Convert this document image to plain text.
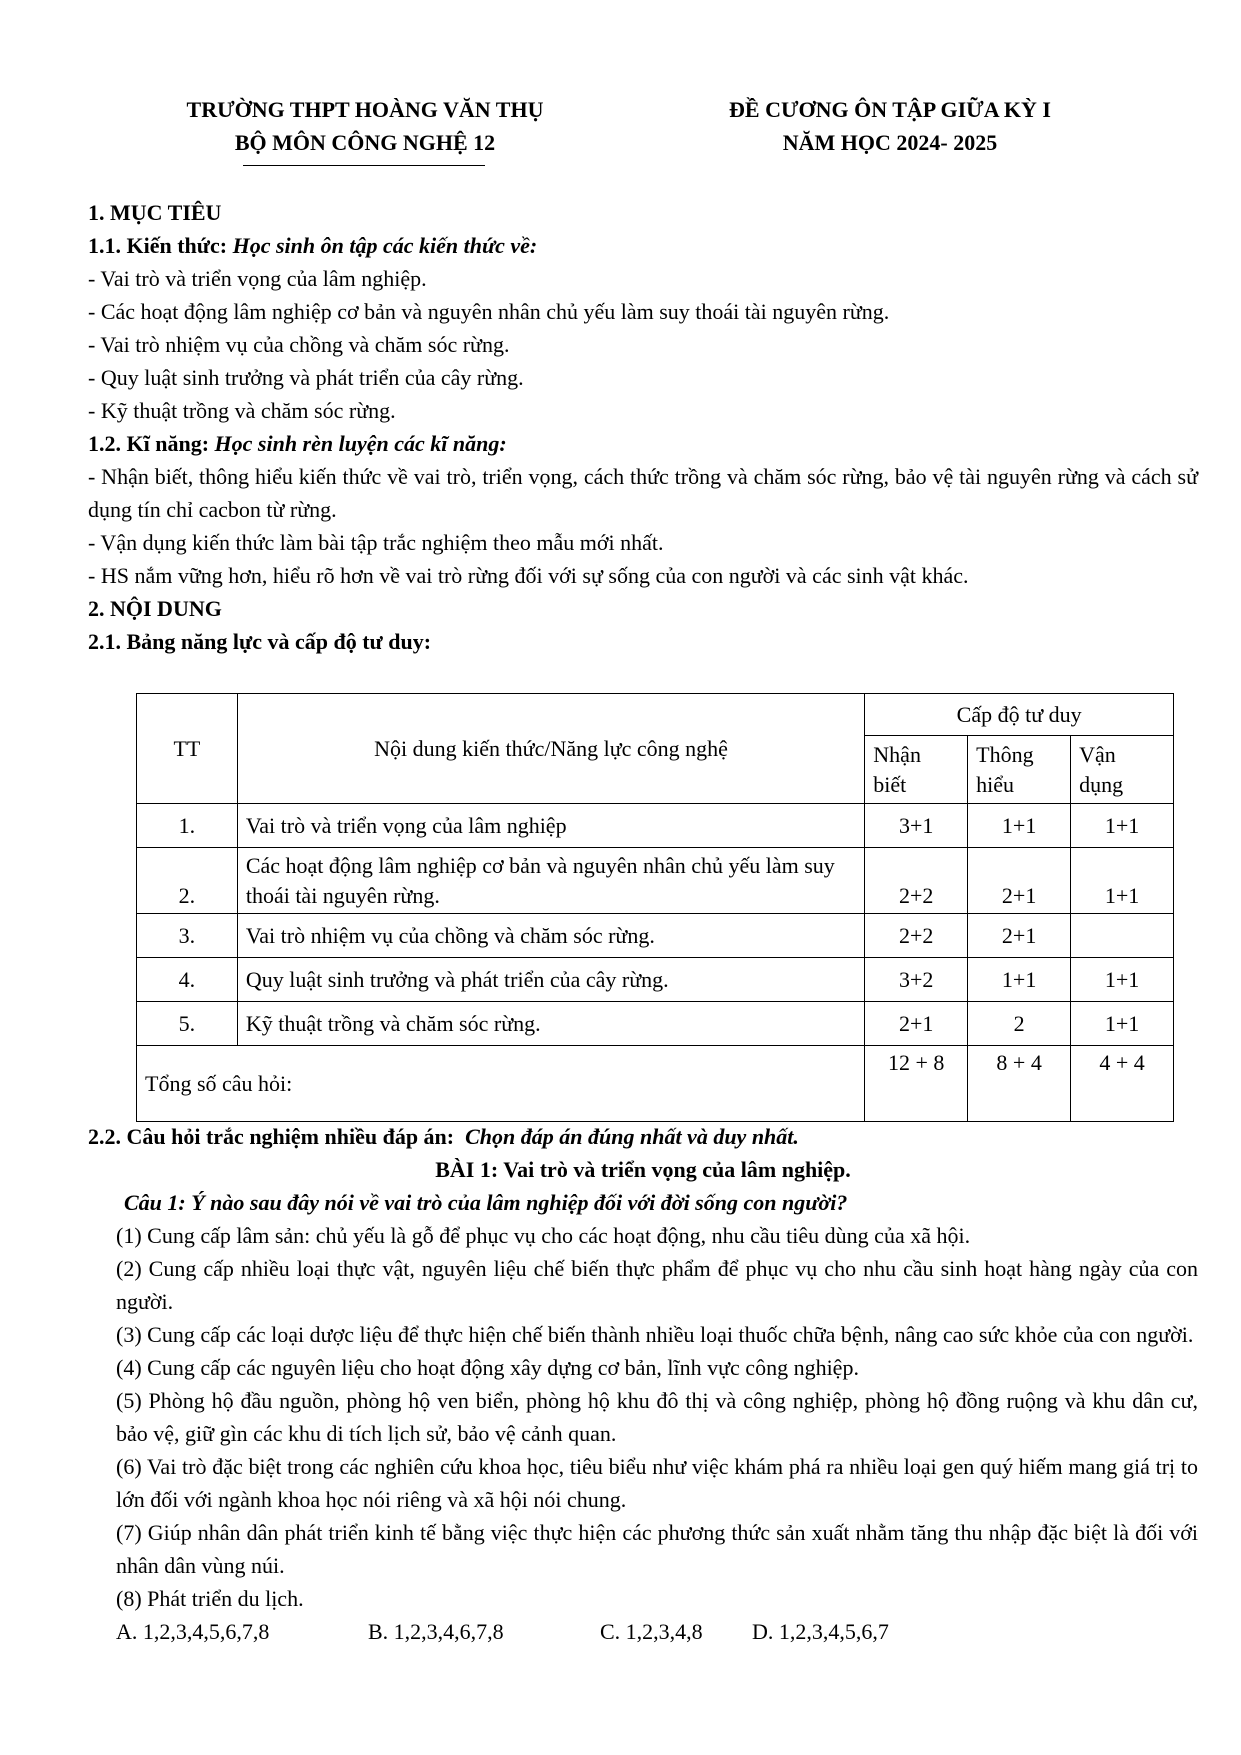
TRƯỜNG THPT HOÀNG VĂN THỤ
BỘ MÔN CÔNG NGHỆ 12
ĐỀ CƯƠNG ÔN TẬP GIỮA KỲ I
NĂM HỌC 2024- 2025

1. MỤC TIÊU

1.1. Kiến thức: Học sinh ôn tập các kiến thức về:

- Vai trò và triển vọng của lâm nghiệp.

- Các hoạt động lâm nghiệp cơ bản và nguyên nhân chủ yếu làm suy thoái tài nguyên rừng.

- Vai trò nhiệm vụ của chồng và chăm sóc rừng.

- Quy luật sinh trưởng và phát triển của cây rừng.

- Kỹ thuật trồng và chăm sóc rừng.

1.2. Kĩ năng: Học sinh rèn luyện các kĩ năng:

- Nhận biết, thông hiểu kiến thức về vai trò, triển vọng, cách thức trồng và chăm sóc rừng, bảo vệ tài nguyên rừng và cách sử dụng tín chỉ cacbon từ rừng.

- Vận dụng kiến thức làm bài tập trắc nghiệm theo mẫu mới nhất.

- HS nắm vững hơn, hiểu rõ hơn về vai trò rừng đối với sự sống của con người và các sinh vật khác.

2. NỘI DUNG

2.1. Bảng năng lực và cấp độ tư duy:

TT	Nội dung kiến thức/Năng lực công nghệ	Cấp độ tư duy		
		Nhận biết	Thông hiểu	Vận dụng
1.	Vai trò và triển vọng của lâm nghiệp	3+1	1+1	1+1
2.	Các hoạt động lâm nghiệp cơ bản và nguyên nhân chủ yếu làm suy thoái tài nguyên rừng.	2+2	2+1	1+1
3.	Vai trò nhiệm vụ của chồng và chăm sóc rừng.	2+2	2+1	
4.	Quy luật sinh trưởng và phát triển của cây rừng.	3+2	1+1	1+1
5.	Kỹ thuật trồng và chăm sóc rừng.	2+1	2	1+1
Tổng số câu hỏi:		12 + 8	8 + 4	4 + 4

2.2. Câu hỏi trắc nghiệm nhiều đáp án: Chọn đáp án đúng nhất và duy nhất.

BÀI 1: Vai trò và triển vọng của lâm nghiệp.

Câu 1: Ý nào sau đây nói về vai trò của lâm nghiệp đối với đời sống con người?

(1) Cung cấp lâm sản: chủ yếu là gỗ để phục vụ cho các hoạt động, nhu cầu tiêu dùng của xã hội.

(2) Cung cấp nhiều loại thực vật, nguyên liệu chế biến thực phẩm để phục vụ cho nhu cầu sinh hoạt hàng ngày của con người.

(3) Cung cấp các loại dược liệu để thực hiện chế biến thành nhiều loại thuốc chữa bệnh, nâng cao sức khỏe của con người.

(4) Cung cấp các nguyên liệu cho hoạt động xây dựng cơ bản, lĩnh vực công nghiệp.

(5) Phòng hộ đầu nguồn, phòng hộ ven biển, phòng hộ khu đô thị và công nghiệp, phòng hộ đồng ruộng và khu dân cư, bảo vệ, giữ gìn các khu di tích lịch sử, bảo vệ cảnh quan.

(6) Vai trò đặc biệt trong các nghiên cứu khoa học, tiêu biểu như việc khám phá ra nhiều loại gen quý hiếm mang giá trị to lớn đối với ngành khoa học nói riêng và xã hội nói chung.

(7) Giúp nhân dân phát triển kinh tế bằng việc thực hiện các phương thức sản xuất nhằm tăng thu nhập đặc biệt là đối với nhân dân vùng núi.

(8) Phát triển du lịch.

A. 1,2,3,4,5,6,7,8	B. 1,2,3,4,6,7,8	C. 1,2,3,4,8	D. 1,2,3,4,5,6,7
